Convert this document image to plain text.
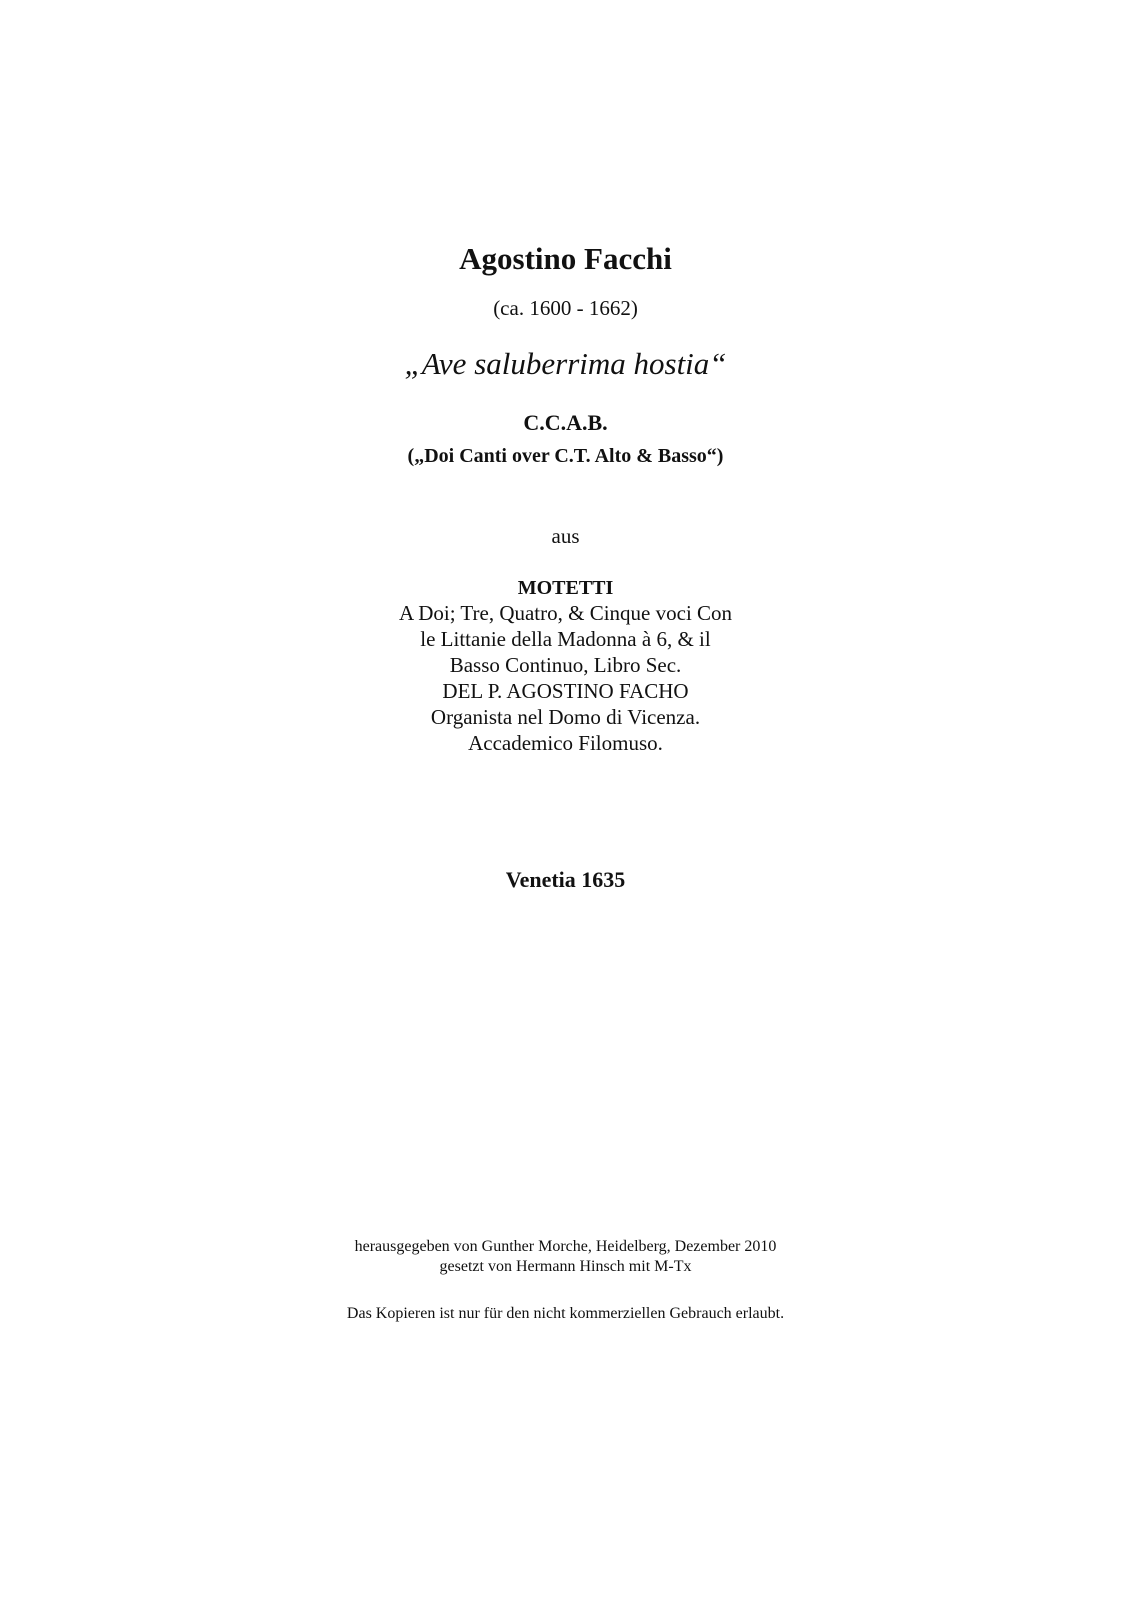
Agostino Facchi
(ca. 1600 - 1662)
„Ave saluberrima hostia“
C.C.A.B.
(„Doi Canti over C.T. Alto & Basso“)
aus
MOTETTI
A Doi; Tre, Quatro, & Cinque voci Con
le Littanie della Madonna à 6, & il
Basso Continuo, Libro Sec.
DEL P. AGOSTINO FACHO
Organista nel Domo di Vicenza.
Accademico Filomuso.
Venetia 1635
herausgegeben von Gunther Morche, Heidelberg, Dezember 2010
gesetzt von Hermann Hinsch mit M-Tx
Das Kopieren ist nur für den nicht kommerziellen Gebrauch erlaubt.
